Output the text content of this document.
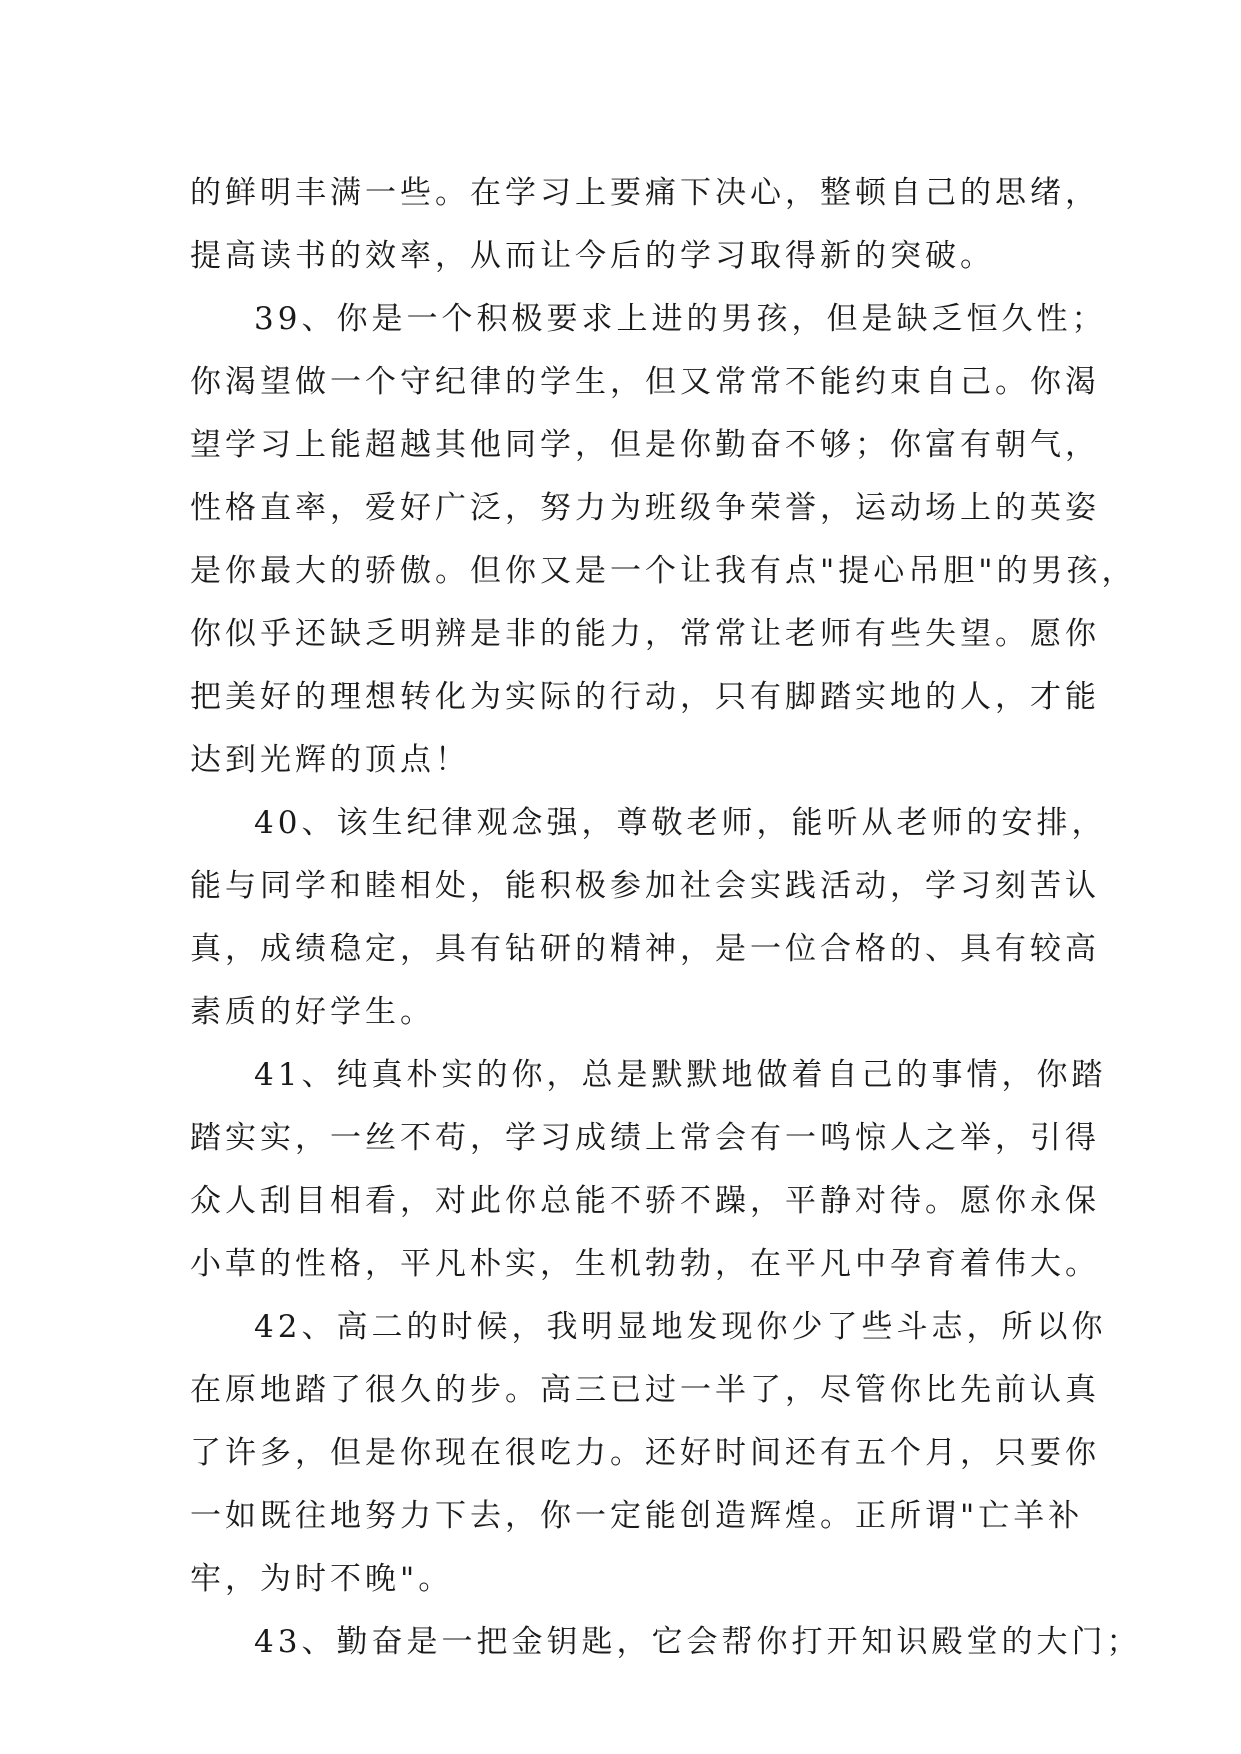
的鲜明丰满一些。在学习上要痛下决心，整顿自己的思绪，
提高读书的效率，从而让今后的学习取得新的突破。
39、你是一个积极要求上进的男孩，但是缺乏恒久性；
你渴望做一个守纪律的学生，但又常常不能约束自己。你渴
望学习上能超越其他同学，但是你勤奋不够；你富有朝气，
性格直率，爱好广泛，努力为班级争荣誉，运动场上的英姿
是你最大的骄傲。但你又是一个让我有点"提心吊胆"的男孩，
你似乎还缺乏明辨是非的能力，常常让老师有些失望。愿你
把美好的理想转化为实际的行动，只有脚踏实地的人，才能
达到光辉的顶点！
40、该生纪律观念强，尊敬老师，能听从老师的安排，
能与同学和睦相处，能积极参加社会实践活动，学习刻苦认
真，成绩稳定，具有钻研的精神，是一位合格的、具有较高
素质的好学生。
41、纯真朴实的你，总是默默地做着自己的事情，你踏
踏实实，一丝不苟，学习成绩上常会有一鸣惊人之举，引得
众人刮目相看，对此你总能不骄不躁，平静对待。愿你永保
小草的性格，平凡朴实，生机勃勃，在平凡中孕育着伟大。
42、高二的时候，我明显地发现你少了些斗志，所以你
在原地踏了很久的步。高三已过一半了，尽管你比先前认真
了许多，但是你现在很吃力。还好时间还有五个月，只要你
一如既往地努力下去，你一定能创造辉煌。正所谓"亡羊补
牢，为时不晚"。
43、勤奋是一把金钥匙，它会帮你打开知识殿堂的大门；
